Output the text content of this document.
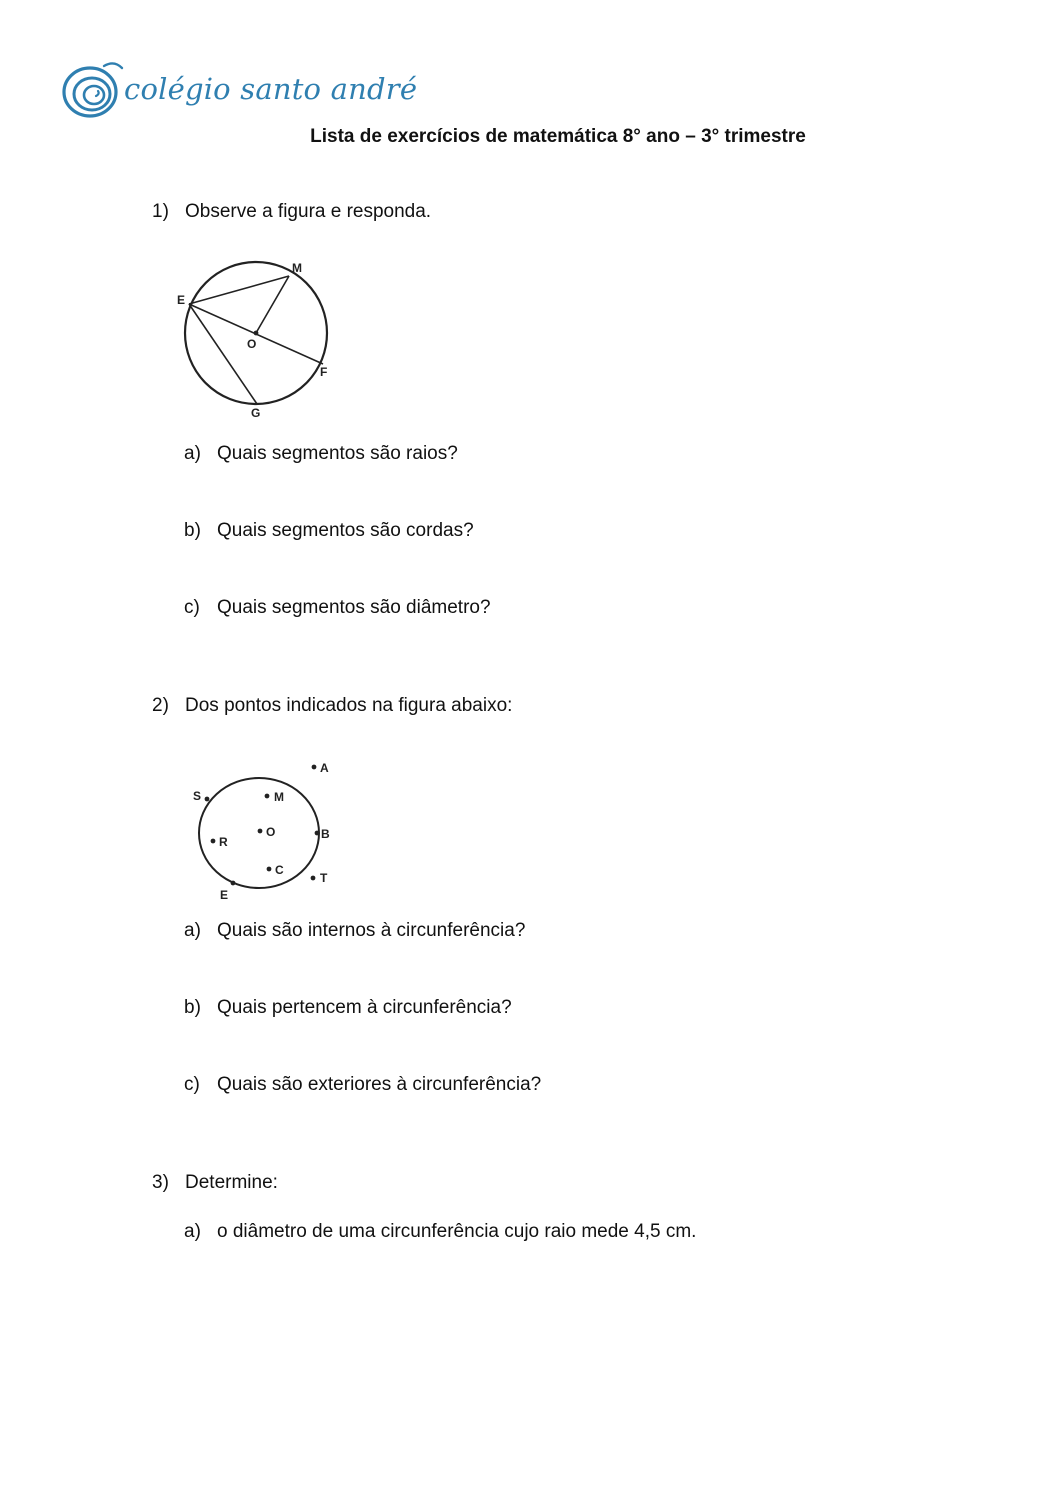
colégio santo andré
Lista de exercícios de matemática 8° ano – 3° trimestre
1) Observe a figura e responda.
E
M
O
F
G
a) Quais segmentos são raios?
b) Quais segmentos são cordas?
c) Quais segmentos são diâmetro?
2) Dos pontos indicados na figura abaixo:
A
S	M
R
O	B
C
T
E
a) Quais são internos à circunferência?
b) Quais pertencem à circunferência?
c) Quais são exteriores à circunferência?
3) Determine:
a) o diâmetro de uma circunferência cujo raio mede 4,5 cm.
